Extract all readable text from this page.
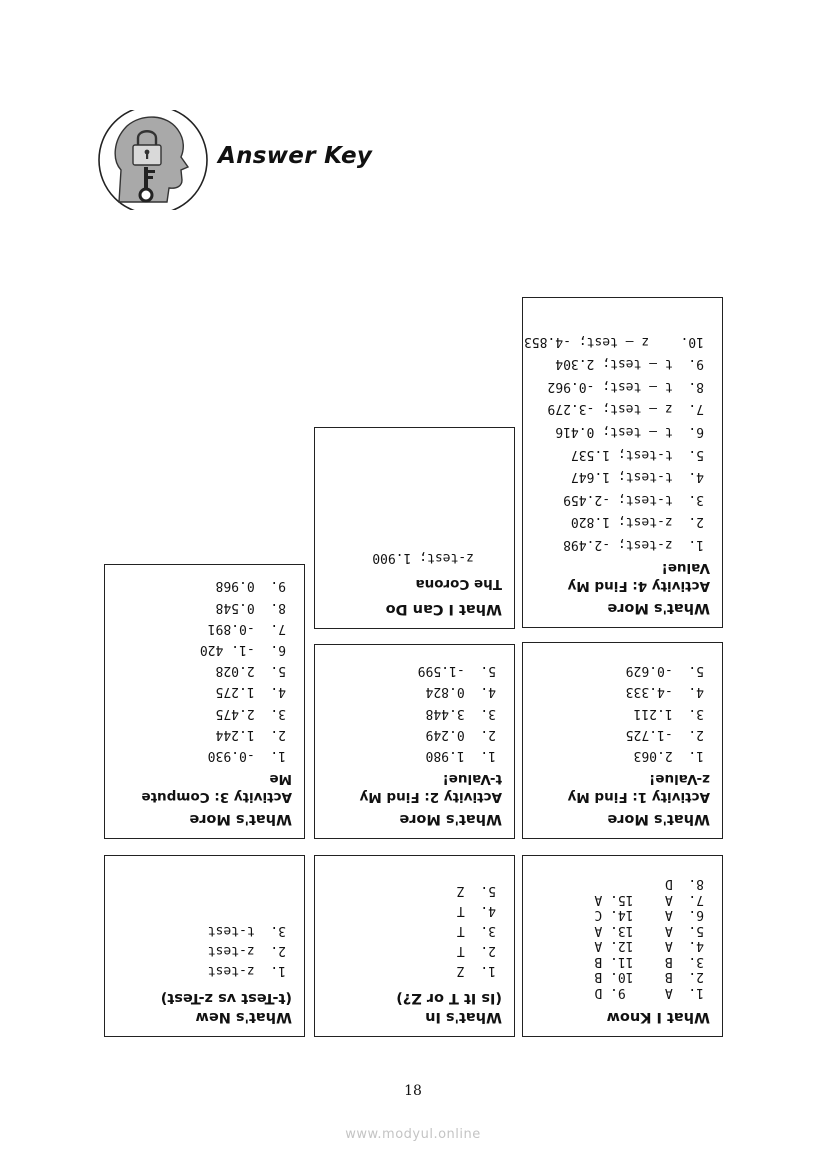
Answer Key
What I Know
1.  A     9. D
2.  B    10. B
3.  B    11. B
4.  A    12. A
5.  A    13. A
6.  A    14. C
7.  A    15. A
8.  D
What's In
(Is It T or Z?)
1.  Z
2.  T
3.  T
4.  T
5.  Z
What's New
(t-Test vs z-Test)
1.  z-test
2.  z-test
3.  t-test
What's More
Activity 1: Find My
z-Value!
1.  2.063
2.  -1.725
3.  1.211
4.  -4.333
5.  -0.629
What's More
Activity 2: Find My
t-Value!
1.  1.980
2.  0.249
3.  3.448
4.  0.824
5.  -1.599
What's More
Activity 3: Compute
Me
1.  -0.930
2.  1.244
3.  2.475
4.  1.275
5.  2.028
6.  -1. 420
7.  -0.891
8.  0.548
9.  0.968
What I Can Do
The Corona
z-test; 1.900
What's More
Activity 4: Find My
Value!
1.  z-test; -2.498
2.  z-test; 1.820
3.  t-test; -2.459
4.  t-test; 1.647
5.  t-test; 1.537
6.  t – test; 0.416
7.  z – test; -3.279
8.  t – test; -0.962
9.  t – test; 2.304
10.    z – test; -4.853
18
www.modyul.online
